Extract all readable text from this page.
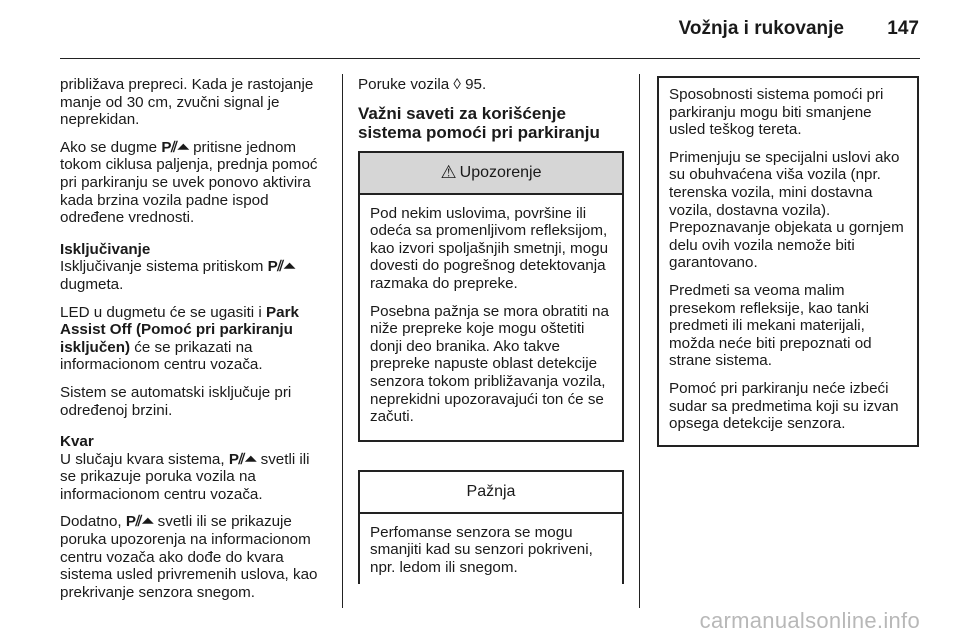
Vožnja i rukovanje 147

približava prepreci. Kada je rastojanje manje od 30 cm, zvučni signal je neprekidan.

Ako se dugme P⫽⏶ pritisne jednom tokom ciklusa paljenja, prednja pomoć pri parkiranju se uvek ponovo aktivira kada brzina vozila padne ispod određene vrednosti.

Isključivanje

Isključivanje sistema pritiskom P⫽⏶ dugmeta.

LED u dugmetu će se ugasiti i Park Assist Off (Pomoć pri parkiranju isključen) će se prikazati na informacionom centru vozača.

Sistem se automatski isključuje pri određenoj brzini.

Kvar

U slučaju kvara sistema, P⫽⏶ svetli ili se prikazuje poruka vozila na informacionom centru vozača.

Dodatno, P⫽⏶ svetli ili se prikazuje poruka upozorenja na informacionom centru vozača ako dođe do kvara sistema usled privremenih uslova, kao prekrivanje senzora snegom.

Poruke vozila ◊ 95.

Važni saveti za korišćenje sistema pomoći pri parkiranju
⚠ Upozorenje

Pod nekim uslovima, površine ili odeća sa promenljivom refleksijom, kao izvori spoljašnjih smetnji, mogu dovesti do pogrešnog detektovanja razmaka do prepreke.

Posebna pažnja se mora obratiti na niže prepreke koje mogu oštetiti donji deo branika. Ako takve prepreke napuste oblast detekcije senzora tokom približavanja vozila, neprekidni upozoravajući ton će se začuti.

Pažnja

Perfomanse senzora se mogu smanjiti kad su senzori pokriveni, npr. ledom ili snegom.

Sposobnosti sistema pomoći pri parkiranju mogu biti smanjene usled teškog tereta.

Primenjuju se specijalni uslovi ako su obuhvaćena viša vozila (npr. terenska vozila, mini dostavna vozila, dostavna vozila). Prepoznavanje objekata u gornjem delu ovih vozila nemože biti garantovano.

Predmeti sa veoma malim presekom refleksije, kao tanki predmeti ili mekani materijali, možda neće biti prepoznati od strane sistema.

Pomoć pri parkiranju neće izbeći sudar sa predmetima koji su izvan opsega detekcije senzora.

carmanualsonline.info
